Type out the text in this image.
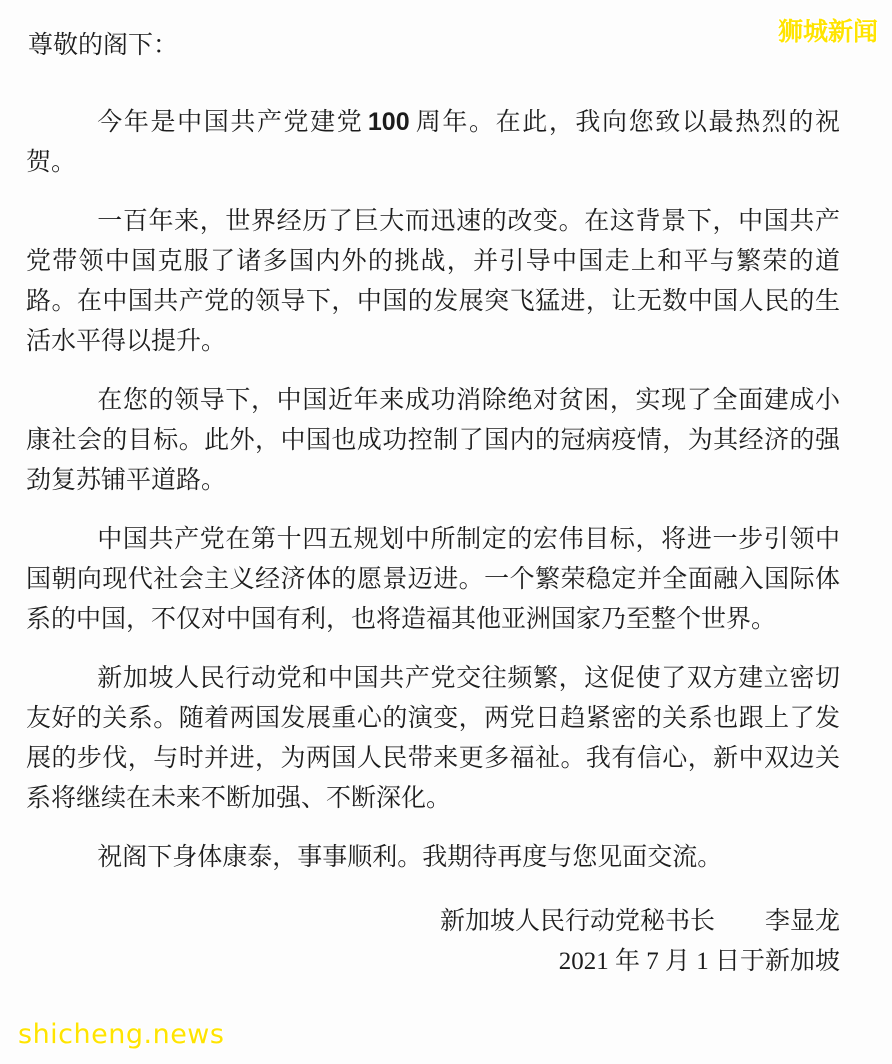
狮城新闻

尊敬的阁下：

今年是中国共产党建党 100 周年。在此，我向您致以最热烈的祝贺。

一百年来，世界经历了巨大而迅速的改变。在这背景下，中国共产党带领中国克服了诸多国内外的挑战，并引导中国走上和平与繁荣的道路。在中国共产党的领导下，中国的发展突飞猛进，让无数中国人民的生活水平得以提升。

在您的领导下，中国近年来成功消除绝对贫困，实现了全面建成小康社会的目标。此外，中国也成功控制了国内的冠病疫情，为其经济的强劲复苏铺平道路。

中国共产党在第十四五规划中所制定的宏伟目标，将进一步引领中国朝向现代社会主义经济体的愿景迈进。一个繁荣稳定并全面融入国际体系的中国，不仅对中国有利，也将造福其他亚洲国家乃至整个世界。

新加坡人民行动党和中国共产党交往频繁，这促使了双方建立密切友好的关系。随着两国发展重心的演变，两党日趋紧密的关系也跟上了发展的步伐，与时并进，为两国人民带来更多福祉。我有信心，新中双边关系将继续在未来不断加强、不断深化。

祝阁下身体康泰，事事顺利。我期待再度与您见面交流。

新加坡人民行动党秘书长　　李显龙
2021 年 7 月 1 日于新加坡
shicheng.news
